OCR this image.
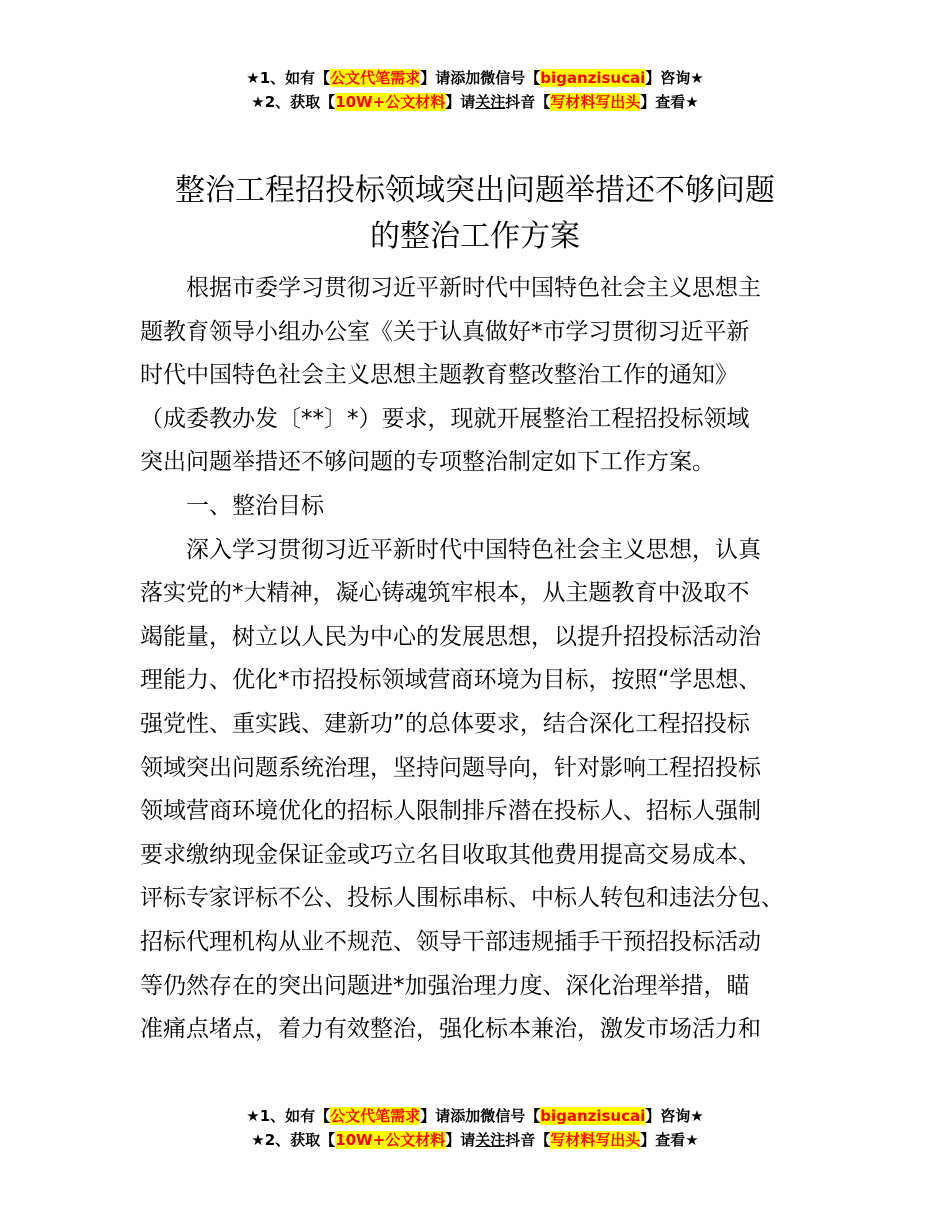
★1、如有【公文代笔需求】请添加微信号【biganzisucai】咨询★
★2、获取【10W+公文材料】请关注抖音【写材料写出头】查看★
整治工程招投标领域突出问题举措还不够问题
的整治工作方案
　　根据市委学习贯彻习近平新时代中国特色社会主义思想主
题教育领导小组办公室《关于认真做好*市学习贯彻习近平新
时代中国特色社会主义思想主题教育整改整治工作的通知》
（成委教办发〔**〕*）要求，现就开展整治工程招投标领域
突出问题举措还不够问题的专项整治制定如下工作方案。
　　一、整治目标
　　深入学习贯彻习近平新时代中国特色社会主义思想，认真
落实党的*大精神，凝心铸魂筑牢根本，从主题教育中汲取不
竭能量，树立以人民为中心的发展思想，以提升招投标活动治
理能力、优化*市招投标领域营商环境为目标，按照“学思想、
强党性、重实践、建新功”的总体要求，结合深化工程招投标
领域突出问题系统治理，坚持问题导向，针对影响工程招投标
领域营商环境优化的招标人限制排斥潜在投标人、招标人强制
要求缴纳现金保证金或巧立名目收取其他费用提高交易成本、
评标专家评标不公、投标人围标串标、中标人转包和违法分包、
招标代理机构从业不规范、领导干部违规插手干预招投标活动
等仍然存在的突出问题进*加强治理力度、深化治理举措，瞄
准痛点堵点，着力有效整治，强化标本兼治，激发市场活力和
★1、如有【公文代笔需求】请添加微信号【biganzisucai】咨询★
★2、获取【10W+公文材料】请关注抖音【写材料写出头】查看★
